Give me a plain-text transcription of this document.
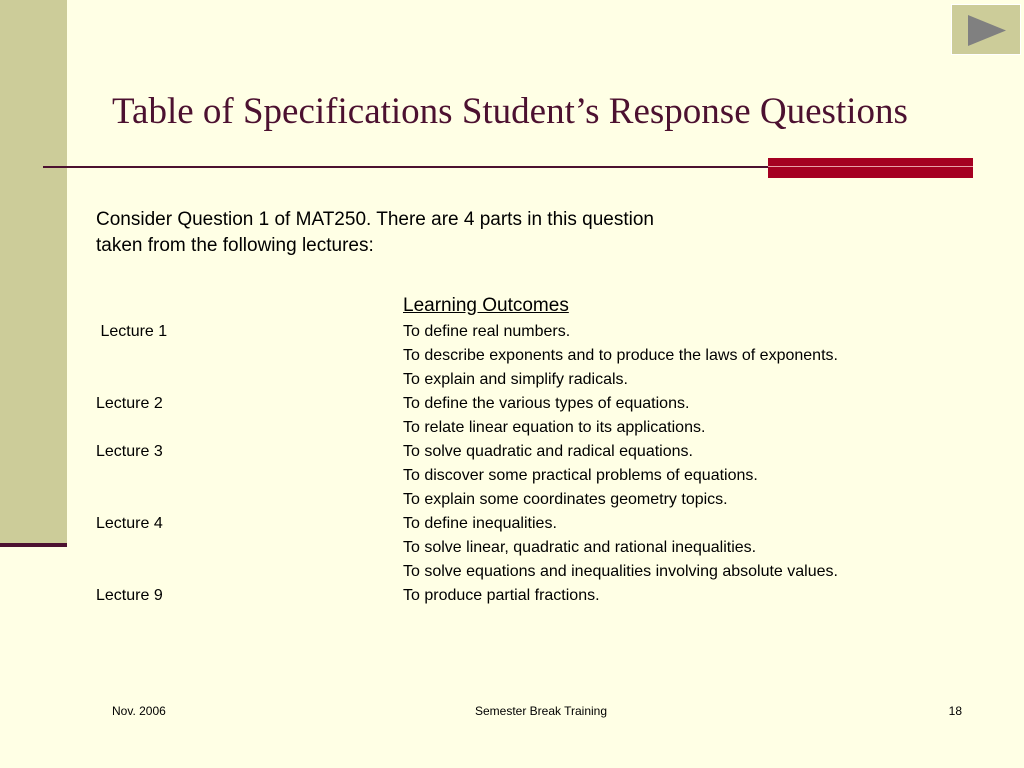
Table of Specifications Student’s Response Questions
Consider Question 1 of MAT250. There are 4 parts in this question
taken from the following lectures:
Learning Outcomes
Lecture 1
Lecture 2
Lecture 3
Lecture 4
Lecture 9
To define real numbers.
To describe exponents and to produce the laws of exponents.
To explain and simplify radicals.
To define the various types of equations.
To relate linear equation to its applications.
To solve quadratic and radical equations.
To discover some practical problems of equations.
To explain some coordinates geometry topics.
To define inequalities.
To solve linear, quadratic and rational inequalities.
To solve equations and inequalities involving absolute values.
To produce partial fractions.
Nov. 2006	Semester Break Training	18
